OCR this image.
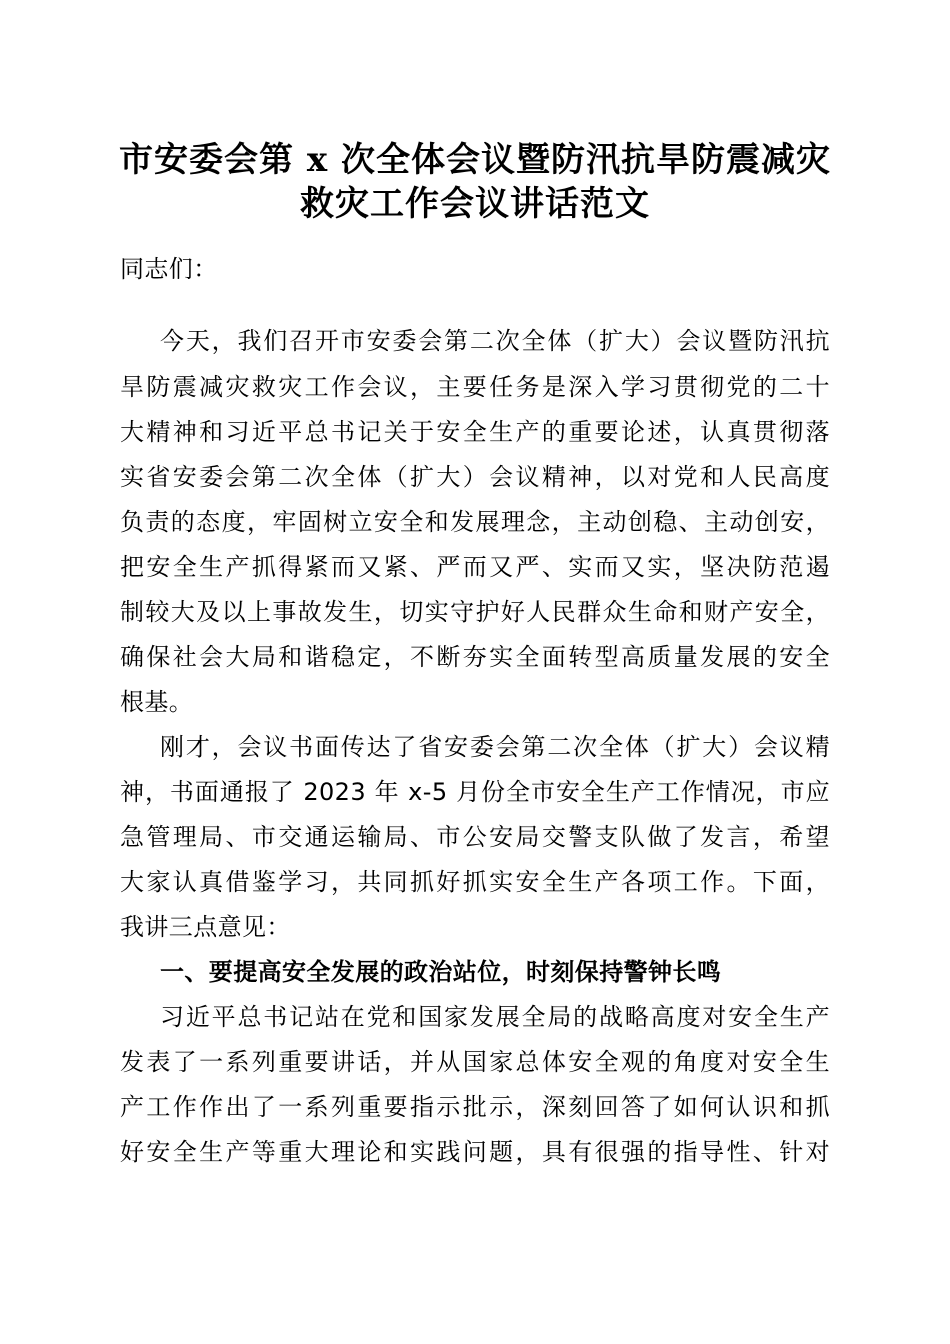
市安委会第 x 次全体会议暨防汛抗旱防震减灾
救灾工作会议讲话范文
同志们：
今天，我们召开市安委会第二次全体（扩大）会议暨防汛抗
旱防震减灾救灾工作会议，主要任务是深入学习贯彻党的二十
大精神和习近平总书记关于安全生产的重要论述，认真贯彻落
实省安委会第二次全体（扩大）会议精神，以对党和人民高度
负责的态度，牢固树立安全和发展理念，主动创稳、主动创安，
把安全生产抓得紧而又紧、严而又严、实而又实，坚决防范遏
制较大及以上事故发生，切实守护好人民群众生命和财产安全，
确保社会大局和谐稳定，不断夯实全面转型高质量发展的安全
根基。
刚才，会议书面传达了省安委会第二次全体（扩大）会议精
神，书面通报了 2023 年 x-5 月份全市安全生产工作情况，市应
急管理局、市交通运输局、市公安局交警支队做了发言，希望
大家认真借鉴学习，共同抓好抓实安全生产各项工作。下面，
我讲三点意见：
一、要提高安全发展的政治站位，时刻保持警钟长鸣
习近平总书记站在党和国家发展全局的战略高度对安全生产
发表了一系列重要讲话，并从国家总体安全观的角度对安全生
产工作作出了一系列重要指示批示，深刻回答了如何认识和抓
好安全生产等重大理论和实践问题，具有很强的指导性、针对
